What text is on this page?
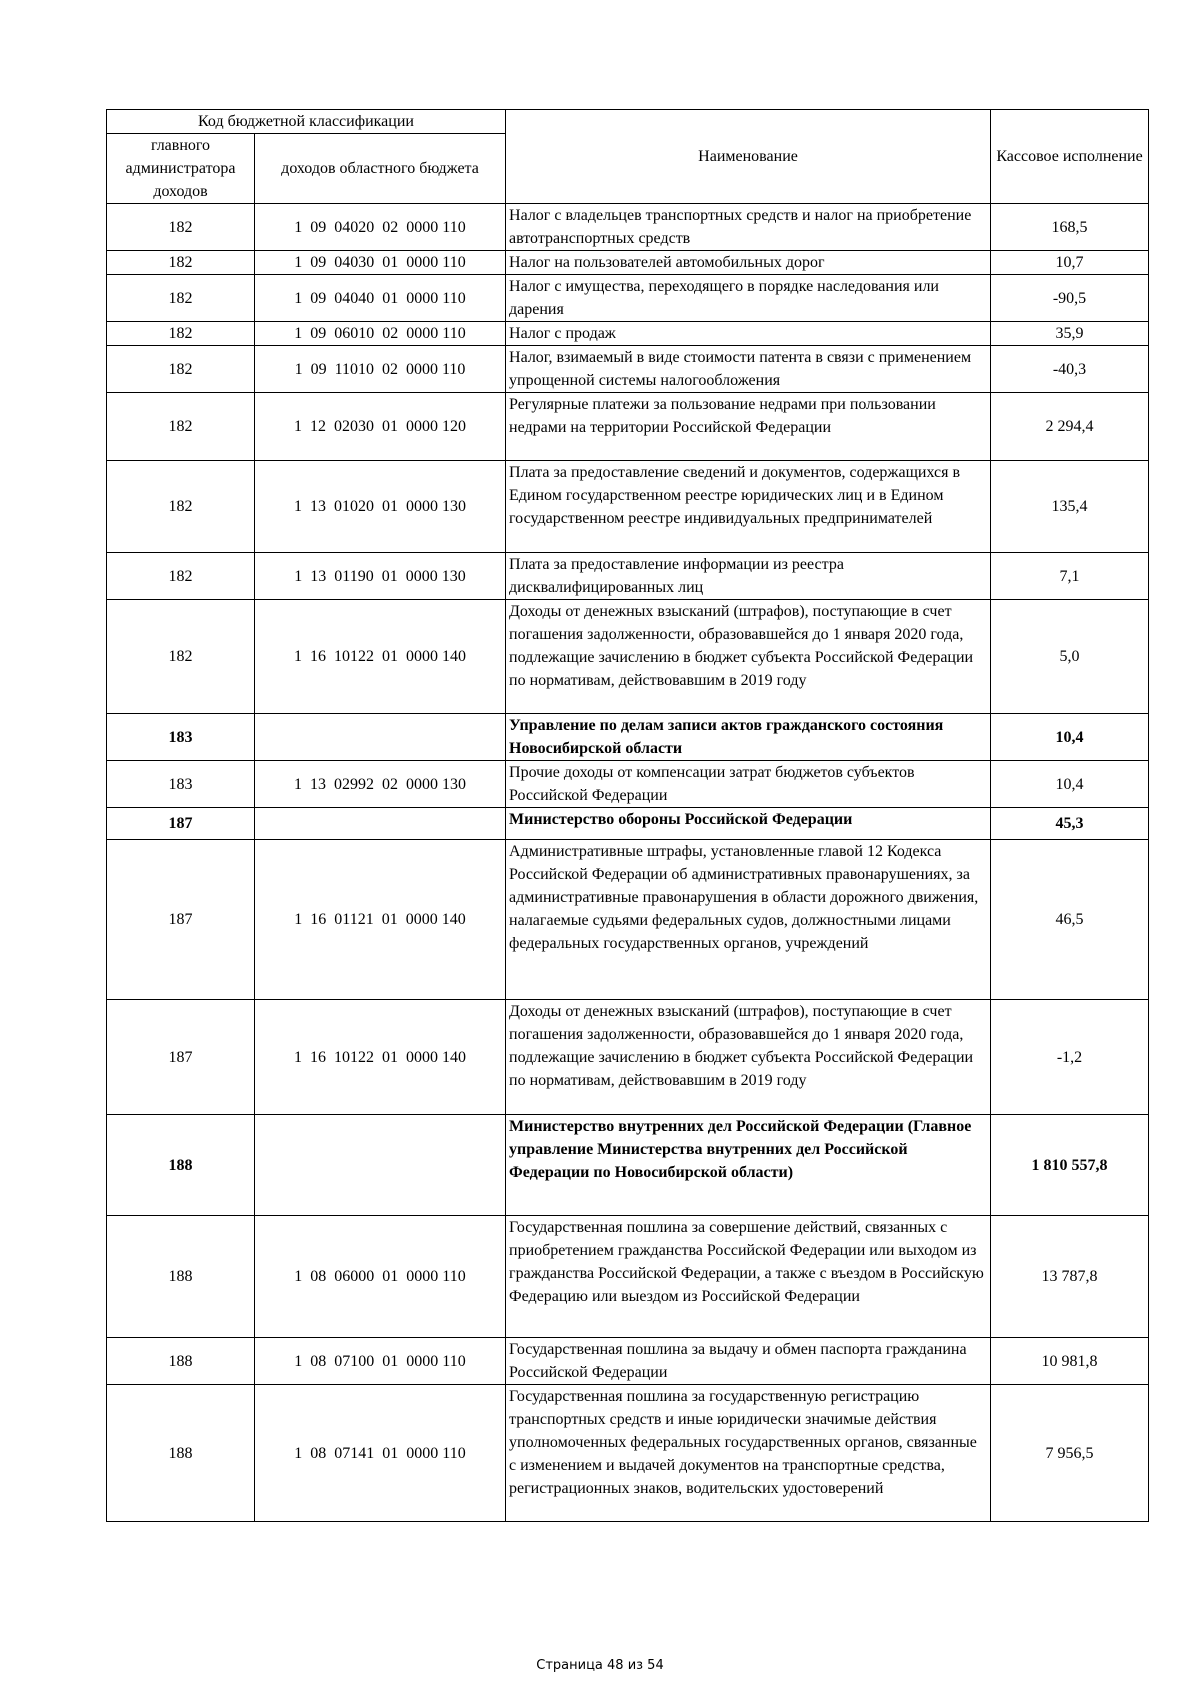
Код бюджетной классификации		Наименование	Кассовое исполнение
главного администратора доходов	доходов областного бюджета		
182	1  09  04020  02  0000 110	Налог с владельцев транспортных средств и налог на приобретение автотранспортных средств	168,5
182	1  09  04030  01  0000 110	Налог на пользователей автомобильных дорог	10,7
182	1  09  04040  01  0000 110	Налог с имущества, переходящего в порядке наследования или дарения	-90,5
182	1  09  06010  02  0000 110	Налог с продаж	35,9
182	1  09  11010  02  0000 110	Налог, взимаемый в виде стоимости патента в связи с применением упрощенной системы налогообложения	-40,3
182	1  12  02030  01  0000 120	Регулярные платежи за пользование недрами при пользовании недрами на территории Российской Федерации	2 294,4
182	1  13  01020  01  0000 130	Плата за предоставление сведений и документов, содержащихся в Едином государственном реестре юридических лиц и в Едином государственном реестре индивидуальных предпринимателей	135,4
182	1  13  01190  01  0000 130	Плата за предоставление информации из реестра дисквалифицированных лиц	7,1
182	1  16  10122  01  0000 140	Доходы от денежных взысканий (штрафов), поступающие в счет погашения задолженности, образовавшейся до 1 января 2020 года, подлежащие зачислению в бюджет субъекта Российской Федерации по нормативам, действовавшим в 2019 году	5,0
183		Управление по делам записи актов гражданского состояния Новосибирской области	10,4
183	1  13  02992  02  0000 130	Прочие доходы от компенсации затрат бюджетов субъектов Российской Федерации	10,4
187		Министерство обороны Российской Федерации	45,3
187	1  16  01121  01  0000 140	Административные штрафы, установленные главой 12 Кодекса Российской Федерации об административных правонарушениях, за административные правонарушения в области дорожного движения, налагаемые судьями федеральных судов, должностными лицами федеральных государственных органов, учреждений	46,5
187	1  16  10122  01  0000 140	Доходы от денежных взысканий (штрафов), поступающие в счет погашения задолженности, образовавшейся до 1 января 2020 года, подлежащие зачислению в бюджет субъекта Российской Федерации по нормативам, действовавшим в 2019 году	-1,2
188		Министерство внутренних дел Российской Федерации (Главное управление Министерства внутренних дел Российской Федерации по Новосибирской области)	1 810 557,8
188	1  08  06000  01  0000 110	Государственная пошлина за совершение действий, связанных с приобретением гражданства Российской Федерации или выходом из гражданства Российской Федерации, а также с въездом в Российскую Федерацию или выездом из Российской Федерации	13 787,8
188	1  08  07100  01  0000 110	Государственная пошлина за выдачу и обмен паспорта гражданина Российской Федерации	10 981,8
188	1  08  07141  01  0000 110	Государственная пошлина за государственную регистрацию транспортных средств и иные юридически значимые действия уполномоченных федеральных государственных органов, связанные с изменением и выдачей документов на транспортные средства, регистрационных знаков, водительских удостоверений	7 956,5
Страница 48 из 54
